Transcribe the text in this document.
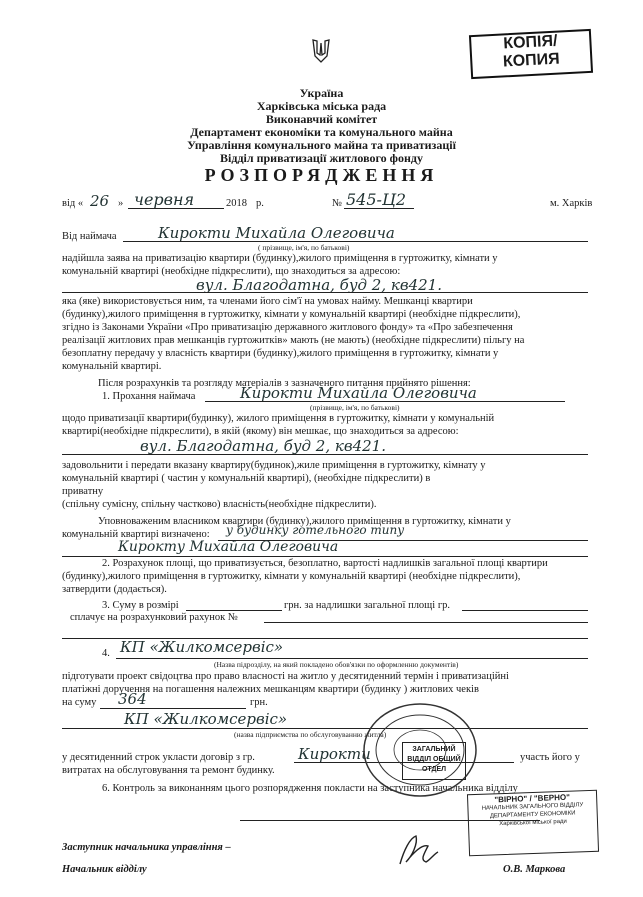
КОПІЯ/
КОПИЯ
Україна
Харківська міська рада
Виконавчий комітет
Департамент економіки та комунального майна
Управління комунального майна та приватизації
Відділ приватизації житлового фонду
РОЗПОРЯДЖЕННЯ
від « 26 » червня	2018 р.	№ 545-Ц2	м. Харків
Від наймача	Кирокти Михайла Олеговича
( прізвище, ім'я, по батькові)
надійшла заява на приватизацію квартири (будинку),жилого приміщення в гуртожитку, кімнати у
комунальній квартирі (необхідне підкреслити), що знаходиться за адресою:
вул. Благодатна, буд 2, кв421.
яка (яке) використовується ним, та членами його сім'ї на умовах найму. Мешканці квартири
(будинку),жилого приміщення в гуртожитку, кімнати у комунальній квартирі (необхідне підкреслити),
згідно із Законами України «Про приватизацію державного житлового фонду» та «Про забезпечення
реалізації житлових прав мешканців гуртожитків» мають (не мають) (необхідне підкреслити) пільгу на
безоплатну передачу у власність квартири (будинку),жилого приміщення в гуртожитку, кімнати у
комунальній квартирі.
Після розрахунків та розгляду матеріалів з зазначеного питання прийнято рішення:
1. Прохання наймача	Кирокти Михайла Олеговича
(прізвище, ім'я, по батькові)
щодо приватизації квартири(будинку), жилого приміщення в гуртожитку, кімнати у комунальній
квартирі(необхідне підкреслити), в якій (якому) він мешкає, що знаходиться за адресою:
вул. Благодатна, буд 2, кв421.
задовольнити і передати вказану квартиру(будинок),жиле приміщення в гуртожитку, кімнату у
комунальній квартирі ( частин у комунальній квартирі), (необхідне підкреслити) в
приватну
(спільну сумісну, спільну частково) власність(необхідне підкреслити).
Уповноваженим власником квартири (будинку),жилого приміщення в гуртожитку, кімнати у
комунальній квартирі визначено: у будинку готельного типу
Кирокту Михайла Олеговича
2. Розрахунок площі, що приватизується, безоплатно, вартості надлишків загальної площі квартири
(будинку),жилого приміщення в гуртожитку, кімнати у комунальній квартирі (необхідне підкреслити),
затвердити (додається).
3. Суму в розмірі	грн. за надлишки загальної площі гр.
сплачує на розрахунковий рахунок №
4. КП «Жилкомсервіс»
(Назва підрозділу, на який покладено обов'язки по оформленню документів)
підготувати проект свідоцтва про право власності на житло у десятиденний термін і приватизаційні
платіжні доручення на погашення належних мешканцям квартири (будинку ) житлових чеків
на суму 364	грн.
КП «Жилкомсервіс»
(назва підприємства по обслуговуванню житла)
у десятиденний строк укласти договір з гр.	Кирокти	участь його у
витратах на обслуговування та ремонт будинку.
6. Контроль за виконанням цього розпорядження покласти на заступника начальника відділу
ЗАГАЛЬНИЙ ВІДДІЛ ОБЩИЙ ОТДЕЛ
"ВІРНО" / "ВЕРНО"
НАЧАЛЬНИК ЗАГАЛЬНОГО ВІДДІЛУ
ДЕПАРТАМЕНТУ ЕКОНОМІКИ
Харківської міської ради
Заступник начальника управління –
Начальник відділу	О.В. Маркова
